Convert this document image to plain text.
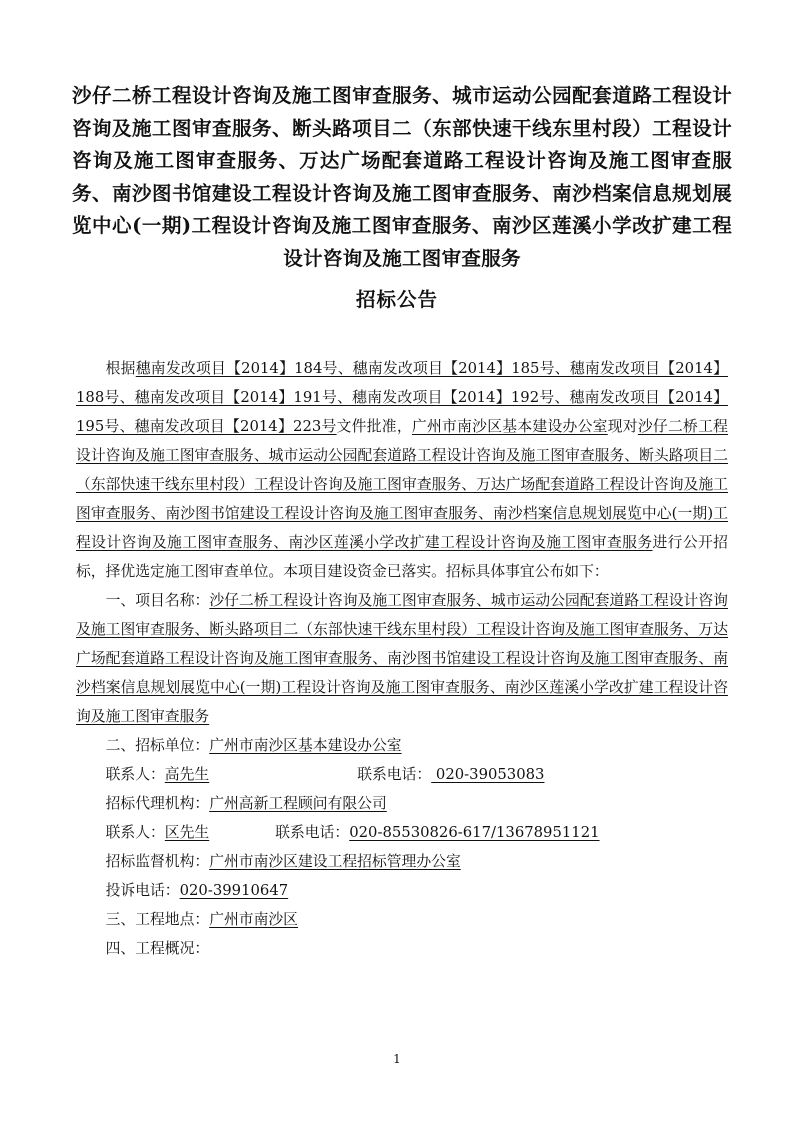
沙仔二桥工程设计咨询及施工图审查服务、城市运动公园配套道路工程设计咨询及施工图审查服务、断头路项目二（东部快速干线东里村段）工程设计咨询及施工图审查服务、万达广场配套道路工程设计咨询及施工图审查服务、南沙图书馆建设工程设计咨询及施工图审查服务、南沙档案信息规划展览中心(一期)工程设计咨询及施工图审查服务、南沙区莲溪小学改扩建工程设计咨询及施工图审查服务
招标公告

根据穗南发改项目【2014】184号、穗南发改项目【2014】185号、穗南发改项目【2014】188号、穗南发改项目【2014】191号、穗南发改项目【2014】192号、穗南发改项目【2014】195号、穗南发改项目【2014】223号文件批准，广州市南沙区基本建设办公室现对沙仔二桥工程设计咨询及施工图审查服务、城市运动公园配套道路工程设计咨询及施工图审查服务、断头路项目二（东部快速干线东里村段）工程设计咨询及施工图审查服务、万达广场配套道路工程设计咨询及施工图审查服务、南沙图书馆建设工程设计咨询及施工图审查服务、南沙档案信息规划展览中心(一期)工程设计咨询及施工图审查服务、南沙区莲溪小学改扩建工程设计咨询及施工图审查服务进行公开招标，择优选定施工图审查单位。本项目建设资金已落实。招标具体事宜公布如下：

一、项目名称：沙仔二桥工程设计咨询及施工图审查服务、城市运动公园配套道路工程设计咨询及施工图审查服务、断头路项目二（东部快速干线东里村段）工程设计咨询及施工图审查服务、万达广场配套道路工程设计咨询及施工图审查服务、南沙图书馆建设工程设计咨询及施工图审查服务、南沙档案信息规划展览中心(一期)工程设计咨询及施工图审查服务、南沙区莲溪小学改扩建工程设计咨询及施工图审查服务

二、招标单位：广州市南沙区基本建设办公室

联系人：高先生	联系电话： 020-39053083

招标代理机构：广州高新工程顾问有限公司

联系人：区先生	联系电话：020-85530826-617/13678951121

招标监督机构：广州市南沙区建设工程招标管理办公室

投诉电话：020-39910647

三、工程地点：广州市南沙区

四、工程概况：

1
